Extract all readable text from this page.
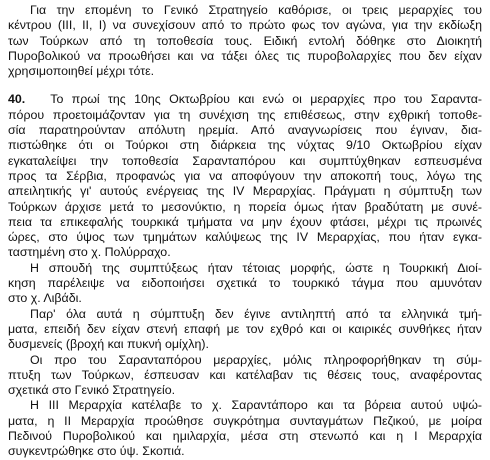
Για την επομένη το Γενικό Στρατηγείο καθόρισε, οι τρεις μεραρχίες του
κέντρου (ΙΙΙ, ΙΙ, Ι) να συνεχίσουν από το πρώτο φως τον αγώνα, για την εκδίωξη
των Τούρκων από τη τοποθεσία τους. Ειδική εντολή δόθηκε στο Διοικητή
Πυροβολικού να προωθήσει και να τάξει όλες τις πυροβολαρχίες που δεν είχαν
χρησιμοποιηθεί μέχρι τότε.

40. Το πρωί της 10ης Οκτωβρίου και ενώ οι μεραρχίες προ του Σαραντα-
πόρου προετοιμάζονταν για τη συνέχιση της επιθέσεως, στην εχθρική τοποθε-
σία παρατηρούνταν απόλυτη ηρεμία. Από αναγνωρίσεις που έγιναν, δια-
πιστώθηκε ότι οι Τούρκοι στη διάρκεια της νύχτας 9/10 Οκτωβρίου είχαν
εγκαταλείψει την τοποθεσία Σαρανταπόρου και συμπτύχθηκαν εσπευσμένα
προς τα Σέρβια, προφανώς για να αποφύγουν την αποκοπή τους, λόγω της
απειλητικής γι' αυτούς ενέργειας της IV Μεραρχίας. Πράγματι η σύμπτυξη των
Τούρκων άρχισε μετά το μεσονύκτιο, η πορεία όμως ήταν βραδύτατη με συνέ-
πεια τα επικεφαλής τουρκικά τμήματα να μην έχουν φτάσει, μέχρι τις πρωινές
ώρες, στο ύψος των τμημάτων καλύψεως της IV Μεραρχίας, που ήταν εγκα-
ταστημένη στο χ. Πολύρραχο.

Η σπουδή της συμπτύξεως ήταν τέτοιας μορφής, ώστε η Τουρκική Διοί-
κηση παρέλειψε να ειδοποιήσει σχετικά το τουρκικό τάγμα που αμυνόταν
στο χ. Λιβάδι.

Παρ' όλα αυτά η σύμπτυξη δεν έγινε αντιληπτή από τα ελληνικά τμή-
ματα, επειδή δεν είχαν στενή επαφή με τον εχθρό και οι καιρικές συνθήκες ήταν
δυσμενείς (βροχή και πυκνή ομίχλη).

Οι προ του Σαρανταπόρου μεραρχίες, μόλις πληροφορήθηκαν τη σύμ-
πτυξη των Τούρκων, έσπευσαν και κατέλαβαν τις θέσεις τους, αναφέροντας
σχετικά στο Γενικό Στρατηγείο.

Η ΙΙΙ Μεραρχία κατέλαβε το χ. Σαραντάπορο και τα βόρεια αυτού υψώ-
ματα, η ΙΙ Μεραρχία προώθησε συγκρότημα συνταγμάτων Πεζικού, με μοίρα
Πεδινού Πυροβολικού και ημιλαρχία, μέσα στη στενωπό και η Ι Μεραρχία
συγκεντρώθηκε στο ύψ. Σκοπιά.
